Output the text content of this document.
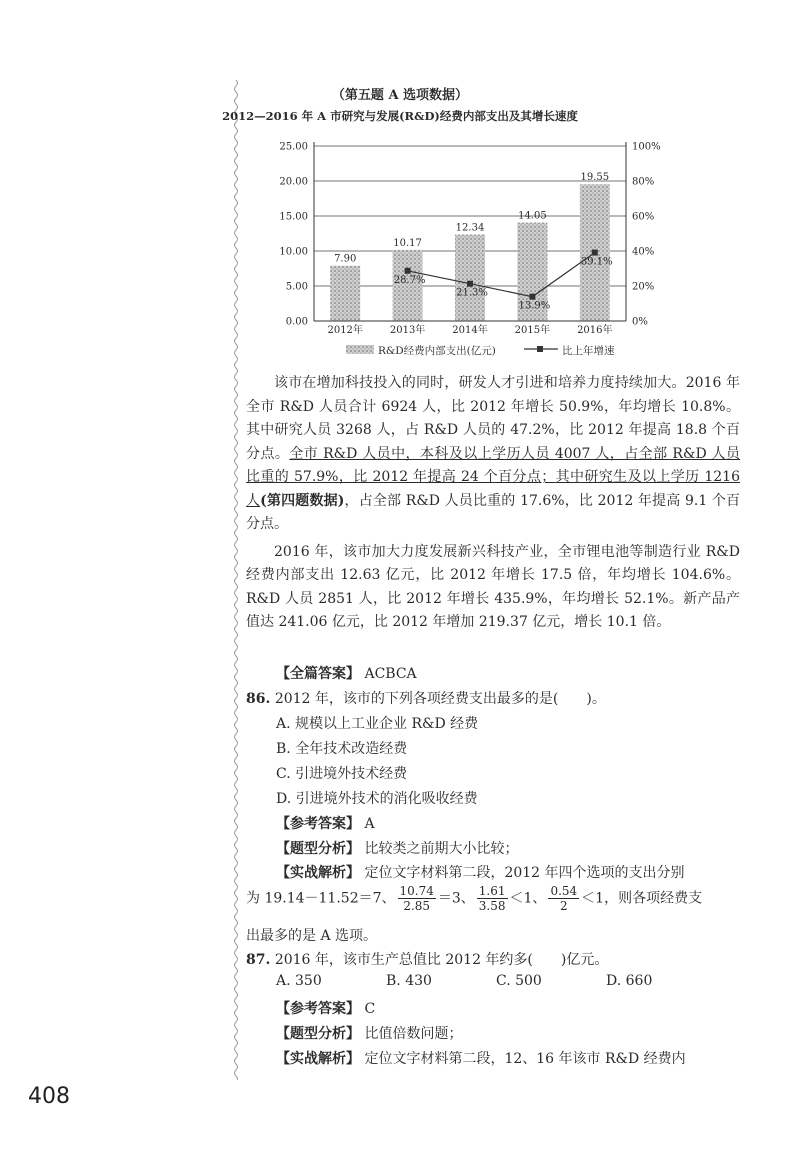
（第五题 A 选项数据）
2012—2016 年 A 市研究与发展(R&D)经费内部支出及其增长速度
7.90
10.17
12.34
14.05
19.55
28.7%
21.3%
13.9%
39.1%
0.00
5.00
10.00
15.00
20.00
25.00
0%
20%
40%
60%
80%
100%
2012年	2013年	2014年	2015年	2016年
R&D经费内部支出(亿元)	比上年增速

该市在增加科技投入的同时，研发人才引进和培养力度持续加大。2016 年全市 R&D 人员合计 6924 人，比 2012 年增长 50.9%，年均增长 10.8%。其中研究人员 3268 人，占 R&D 人员的 47.2%，比 2012 年提高 18.8 个百分点。全市 R&D 人员中，本科及以上学历人员 4007 人，占全部 R&D 人员比重的 57.9%，比 2012 年提高 24 个百分点；其中研究生及以上学历 1216 人(第四题数据)，占全部 R&D 人员比重的 17.6%，比 2012 年提高 9.1 个百分点。

2016 年，该市加大力度发展新兴科技产业，全市锂电池等制造行业 R&D 经费内部支出 12.63 亿元，比 2012 年增长 17.5 倍，年均增长 104.6%。R&D 人员 2851 人，比 2012 年增长 435.9%，年均增长 52.1%。新产品产值达 241.06 亿元，比 2012 年增加 219.37 亿元，增长 10.1 倍。

【全篇答案】 ACBCA
86. 2012 年，该市的下列各项经费支出最多的是(　　)。
A. 规模以上工业企业 R&D 经费
B. 全年技术改造经费
C. 引进境外技术经费
D. 引进境外技术的消化吸收经费
【参考答案】 A
【题型分析】 比较类之前期大小比较；
【实战解析】 定位文字材料第二段，2012 年四个选项的支出分别
为 19.14－11.52＝7、 $\frac{10.74}{2.85} =3$、 $\frac{1.61}{3.58} <1$、 $\frac{0.54}{2} <1$，则各项经费支
出最多的是 A 选项。
87. 2016 年，该市生产总值比 2012 年约多(　　)亿元。
A. 350	B. 430	C. 500	D. 660
【参考答案】 C
【题型分析】 比值倍数问题；
【实战解析】 定位文字材料第二段，12、16 年该市 R&D 经费内
408
